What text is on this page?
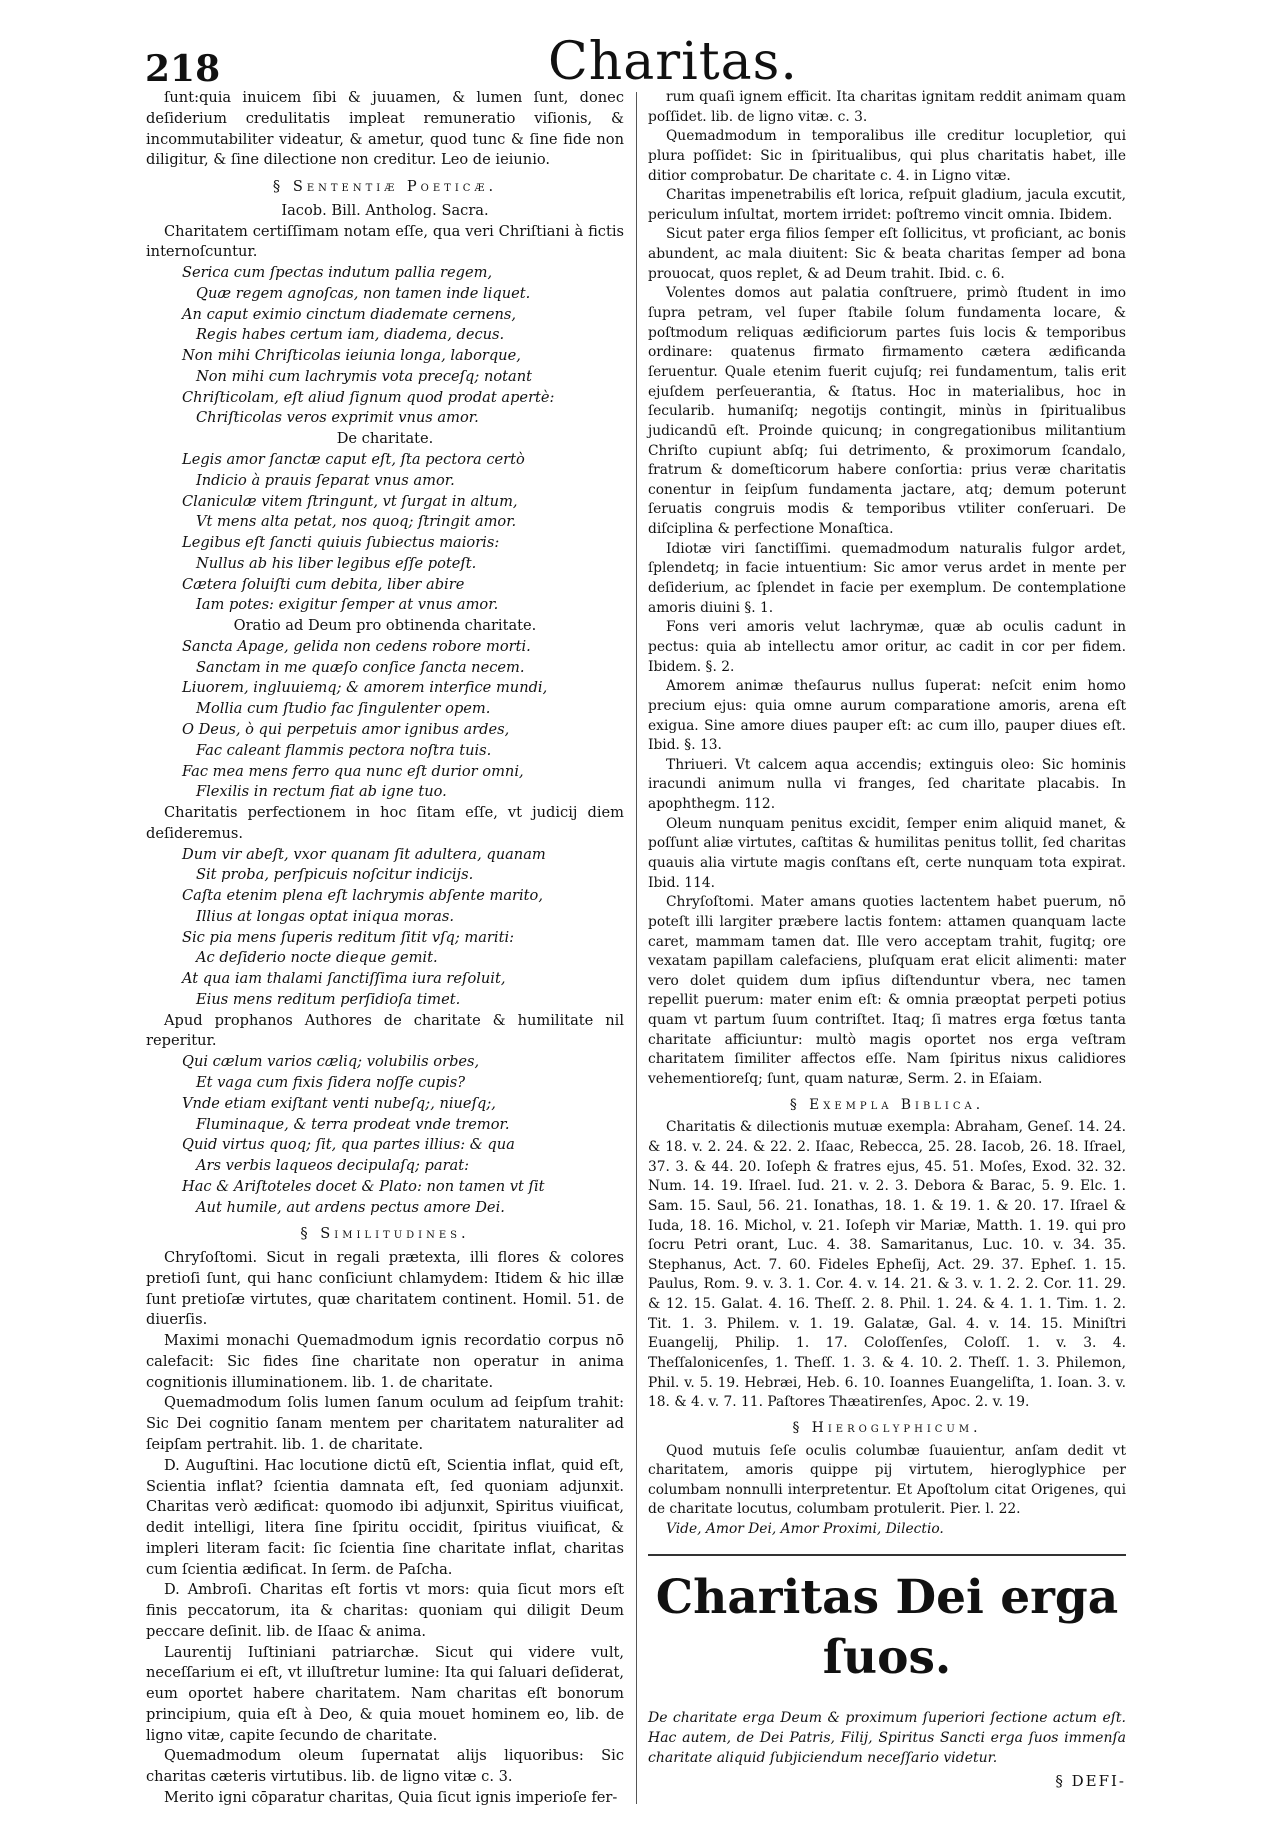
218	Charitas.
ſunt:quia inuicem ſibi & juuamen, & lumen ſunt, donec deſiderium credulitatis impleat remuneratio viſionis, & incommutabiliter videatur, & ametur, quod tunc & ſine fide non diligitur, & ſine dilectione non creditur. Leo de ieiunio.
§ Sententiæ Poeticæ.
Iacob. Bill. Antholog. Sacra.
Charitatem certiſſimam notam eſſe, qua veri Chriſtiani à fictis internoſcuntur.
Serica cum ſpectas indutum pallia regem,
Quæ regem agnoſcas, non tamen inde liquet.
An caput eximio cinctum diademate cernens,
Regis habes certum iam, diadema, decus.
Non mihi Chriſticolas ieiunia longa, laborque,
Non mihi cum lachrymis vota preceſq; notant
Chriſticolam, eſt aliud ſignum quod prodat apertè:
Chriſticolas veros exprimit vnus amor.
De charitate.
Legis amor ſanctæ caput eſt, ſta pectora certò
Indicio à prauis ſeparat vnus amor.
Claniculæ vitem ſtringunt, vt ſurgat in altum,
Vt mens alta petat, nos quoq; ſtringit amor.
Legibus eſt ſancti quiuis ſubiectus maioris:
Nullus ab his liber legibus eſſe poteſt.
Cætera ſoluiſti cum debita, liber abire
Iam potes: exigitur ſemper at vnus amor.
Oratio ad Deum pro obtinenda charitate.
Sancta Apage, gelida non cedens robore morti.
Sanctam in me quæſo conſice ſancta necem.
Liuorem, ingluuiemq; & amorem interfice mundi,
Mollia cum ſtudio fac ſingulenter opem.
O Deus, ò qui perpetuis amor ignibus ardes,
Fac caleant flammis pectora noſtra tuis.
Fac mea mens ferro qua nunc eſt durior omni,
Flexilis in rectum fiat ab igne tuo.
Charitatis perfectionem in hoc ſitam eſſe, vt judicij diem deſideremus.
Dum vir abeſt, vxor quanam ſit adultera, quanam
Sit proba, perſpicuis noſcitur indicijs.
Caſta etenim plena eſt lachrymis abſente marito,
Illius at longas optat iniqua moras.
Sic pia mens ſuperis reditum ſitit vſq; mariti:
Ac deſiderio nocte dieque gemit.
At qua iam thalami ſanctiſſima iura reſoluit,
Eius mens reditum perſidioſa timet.
Apud prophanos Authores de charitate & humilitate nil reperitur.
Qui cælum varios cæliq; volubilis orbes,
Et vaga cum fixis ſidera noſſe cupis?
Vnde etiam exiſtant venti nubeſq;, niueſq;,
Fluminaque, & terra prodeat vnde tremor.
Quid virtus quoq; ſit, qua partes illius: & qua
Ars verbis laqueos decipulaſq; parat:
Hac & Ariſtoteles docet & Plato: non tamen vt ſit
Aut humile, aut ardens pectus amore Dei.
§ Similitudines.
Chryſoſtomi. Sicut in regali prætexta, illi flores & colores pretioſi ſunt, qui hanc conſiciunt chlamydem: Itidem & hic illæ ſunt pretioſæ virtutes, quæ charitatem continent. Homil. 51. de diuerſis.
Maximi monachi Quemadmodum ignis recordatio corpus nō calefacit: Sic fides ſine charitate non operatur in anima cognitionis illuminationem. lib. 1. de charitate.
Quemadmodum ſolis lumen ſanum oculum ad ſeipſum trahit: Sic Dei cognitio ſanam mentem per charitatem naturaliter ad ſeipſam pertrahit. lib. 1. de charitate.
D. Auguſtini. Hac locutione dictū eſt, Scientia inflat, quid eſt, Scientia inflat? ſcientia damnata eſt, ſed quoniam adjunxit. Charitas verò ædificat: quomodo ibi adjunxit, Spiritus viuificat, dedit intelligi, litera ſine ſpiritu occidit, ſpiritus viuificat, & impleri literam facit: ſic ſcientia ſine charitate inflat, charitas cum ſcientia ædificat. In ſerm. de Paſcha.
D. Ambroſi. Charitas eſt fortis vt mors: quia ſicut mors eſt finis peccatorum, ita & charitas: quoniam qui diligit Deum peccare deſinit. lib. de Iſaac & anima.
Laurentij Iuſtiniani patriarchæ. Sicut qui videre vult, neceſſarium ei eſt, vt illuſtretur lumine: Ita qui ſaluari deſiderat, eum oportet habere charitatem. Nam charitas eſt bonorum principium, quia eſt à Deo, & quia mouet hominem eo, lib. de ligno vitæ, capite ſecundo de charitate.
Quemadmodum oleum ſupernatat alijs liquoribus: Sic charitas cæteris virtutibus. lib. de ligno vitæ c. 3.
Merito igni cōparatur charitas, Quia ſicut ignis imperioſe fer-
rum quaſi ignem efficit. Ita charitas ignitam reddit animam quam poſſidet. lib. de ligno vitæ. c. 3.
Quemadmodum in temporalibus ille creditur locupletior, qui plura poſſidet: Sic in ſpiritualibus, qui plus charitatis habet, ille ditior comprobatur. De charitate c. 4. in Ligno vitæ.
Charitas impenetrabilis eſt lorica, reſpuit gladium, jacula excutit, periculum inſultat, mortem irridet: poſtremo vincit omnia. Ibidem.
Sicut pater erga filios ſemper eſt ſollicitus, vt proficiant, ac bonis abundent, ac mala diuitent: Sic & beata charitas ſemper ad bona prouocat, quos replet, & ad Deum trahit. Ibid. c. 6.
Volentes domos aut palatia conſtruere, primò ſtudent in imo ſupra petram, vel ſuper ſtabile ſolum fundamenta locare, & poſtmodum reliquas ædificiorum partes ſuis locis & temporibus ordinare: quatenus firmato firmamento cætera ædificanda ſeruentur. Quale etenim fuerit cujuſq; rei fundamentum, talis erit ejuſdem perſeuerantia, & ſtatus. Hoc in materialibus, hoc in ſecularib. humaniſq; negotijs contingit, minùs in ſpiritualibus judicandū eſt. Proinde quicunq; in congregationibus militantium Chriſto cupiunt abſq; ſui detrimento, & proximorum ſcandalo, fratrum & domeſticorum habere conſortia: prius veræ charitatis conentur in ſeipſum fundamenta jactare, atq; demum poterunt ſeruatis congruis modis & temporibus vtiliter conſeruari. De diſciplina & perfectione Monaſtica.
Idiotæ viri ſanctiſſimi. quemadmodum naturalis fulgor ardet, ſplendetq; in facie intuentium: Sic amor verus ardet in mente per deſiderium, ac ſplendet in facie per exemplum. De contemplatione amoris diuini §. 1.
Fons veri amoris velut lachrymæ, quæ ab oculis cadunt in pectus: quia ab intellectu amor oritur, ac cadit in cor per fidem. Ibidem. §. 2.
Amorem animæ theſaurus nullus ſuperat: neſcit enim homo precium ejus: quia omne aurum comparatione amoris, arena eſt exigua. Sine amore diues pauper eſt: ac cum illo, pauper diues eſt. Ibid. §. 13.
Thriueri. Vt calcem aqua accendis; extinguis oleo: Sic hominis iracundi animum nulla vi franges, ſed charitate placabis. In apophthegm. 112.
Oleum nunquam penitus excidit, ſemper enim aliquid manet, & poſſunt aliæ virtutes, caſtitas & humilitas penitus tollit, ſed charitas quauis alia virtute magis conſtans eſt, certe nunquam tota expirat. Ibid. 114.
Chryſoſtomi. Mater amans quoties lactentem habet puerum, nō poteſt illi largiter præbere lactis fontem: attamen quanquam lacte caret, mammam tamen dat. Ille vero acceptam trahit, fugitq; ore vexatam papillam calefaciens, pluſquam erat elicit alimenti: mater vero dolet quidem dum ipſius diſtenduntur vbera, nec tamen repellit puerum: mater enim eſt: & omnia præoptat perpeti potius quam vt partum ſuum contriſtet. Itaq; ſi matres erga fœtus tanta charitate afficiuntur: multò magis oportet nos erga veſtram charitatem ſimiliter affectos eſſe. Nam ſpiritus nixus calidiores vehementioreſq; ſunt, quam naturæ, Serm. 2. in Eſaiam.
§ Exempla Biblica.
Charitatis & dilectionis mutuæ exempla: Abraham, Geneſ. 14. 24. & 18. v. 2. 24. & 22. 2. Iſaac, Rebecca, 25. 28. Iacob, 26. 18. Iſrael, 37. 3. & 44. 20. Ioſeph & fratres ejus, 45. 51. Moſes, Exod. 32. 32. Num. 14. 19. Iſrael. Iud. 21. v. 2. 3. Debora & Barac, 5. 9. Elc. 1. Sam. 15. Saul, 56. 21. Ionathas, 18. 1. & 19. 1. & 20. 17. Iſrael & Iuda, 18. 16. Michol, v. 21. Ioſeph vir Mariæ, Matth. 1. 19. qui pro ſocru Petri orant, Luc. 4. 38. Samaritanus, Luc. 10. v. 34. 35. Stephanus, Act. 7. 60. Fideles Epheſij, Act. 29. 37. Epheſ. 1. 15. Paulus, Rom. 9. v. 3. 1. Cor. 4. v. 14. 21. & 3. v. 1. 2. 2. Cor. 11. 29. & 12. 15. Galat. 4. 16. Theſſ. 2. 8. Phil. 1. 24. & 4. 1. 1. Tim. 1. 2. Tit. 1. 3. Philem. v. 1. 19. Galatæ, Gal. 4. v. 14. 15. Miniſtri Euangelij, Philip. 1. 17. Coloſſenſes, Coloſſ. 1. v. 3. 4. Theſſalonicenſes, 1. Theſſ. 1. 3. & 4. 10. 2. Theſſ. 1. 3. Philemon, Phil. v. 5. 19. Hebræi, Heb. 6. 10. Ioannes Euangeliſta, 1. Ioan. 3. v. 18. & 4. v. 7. 11. Paſtores Thæatirenſes, Apoc. 2. v. 19.
§ Hieroglyphicum.
Quod mutuis ſeſe oculis columbæ ſuauientur, anſam dedit vt charitatem, amoris quippe pij virtutem, hieroglyphice per columbam nonnulli interpretentur. Et Apoſtolum citat Origenes, qui de charitate locutus, columbam protulerit. Pier. l. 22.
Vide, Amor Dei, Amor Proximi, Dilectio.
Charitas Dei erga ſuos.

De charitate erga Deum & proximum ſuperiori ſectione actum eſt. Hac autem, de Dei Patris, Filij, Spiritus Sancti erga ſuos immenſa charitate aliquid ſubjiciendum neceſſario videtur.

§ DEFI-
